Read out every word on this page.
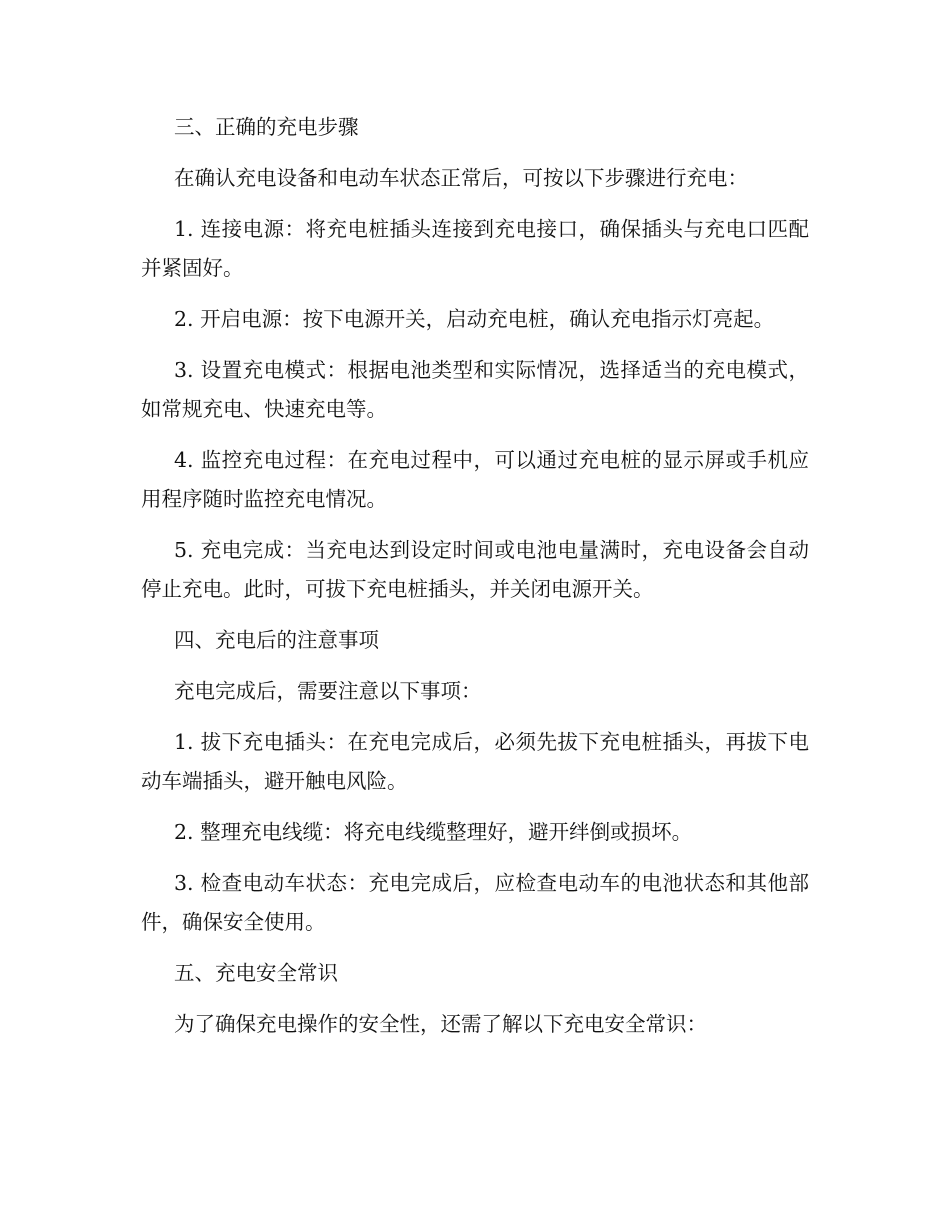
三、正确的充电步骤

在确认充电设备和电动车状态正常后，可按以下步骤进行充电：

1. 连接电源：将充电桩插头连接到充电接口，确保插头与充电口匹配并紧固好。

2. 开启电源：按下电源开关，启动充电桩，确认充电指示灯亮起。

3. 设置充电模式：根据电池类型和实际情况，选择适当的充电模式，如常规充电、快速充电等。

4. 监控充电过程：在充电过程中，可以通过充电桩的显示屏或手机应用程序随时监控充电情况。

5. 充电完成：当充电达到设定时间或电池电量满时，充电设备会自动停止充电。此时，可拔下充电桩插头，并关闭电源开关。

四、充电后的注意事项

充电完成后，需要注意以下事项：

1. 拔下充电插头：在充电完成后，必须先拔下充电桩插头，再拔下电动车端插头，避开触电风险。

2. 整理充电线缆：将充电线缆整理好，避开绊倒或损坏。

3. 检查电动车状态：充电完成后，应检查电动车的电池状态和其他部件，确保安全使用。

五、充电安全常识

为了确保充电操作的安全性，还需了解以下充电安全常识：
